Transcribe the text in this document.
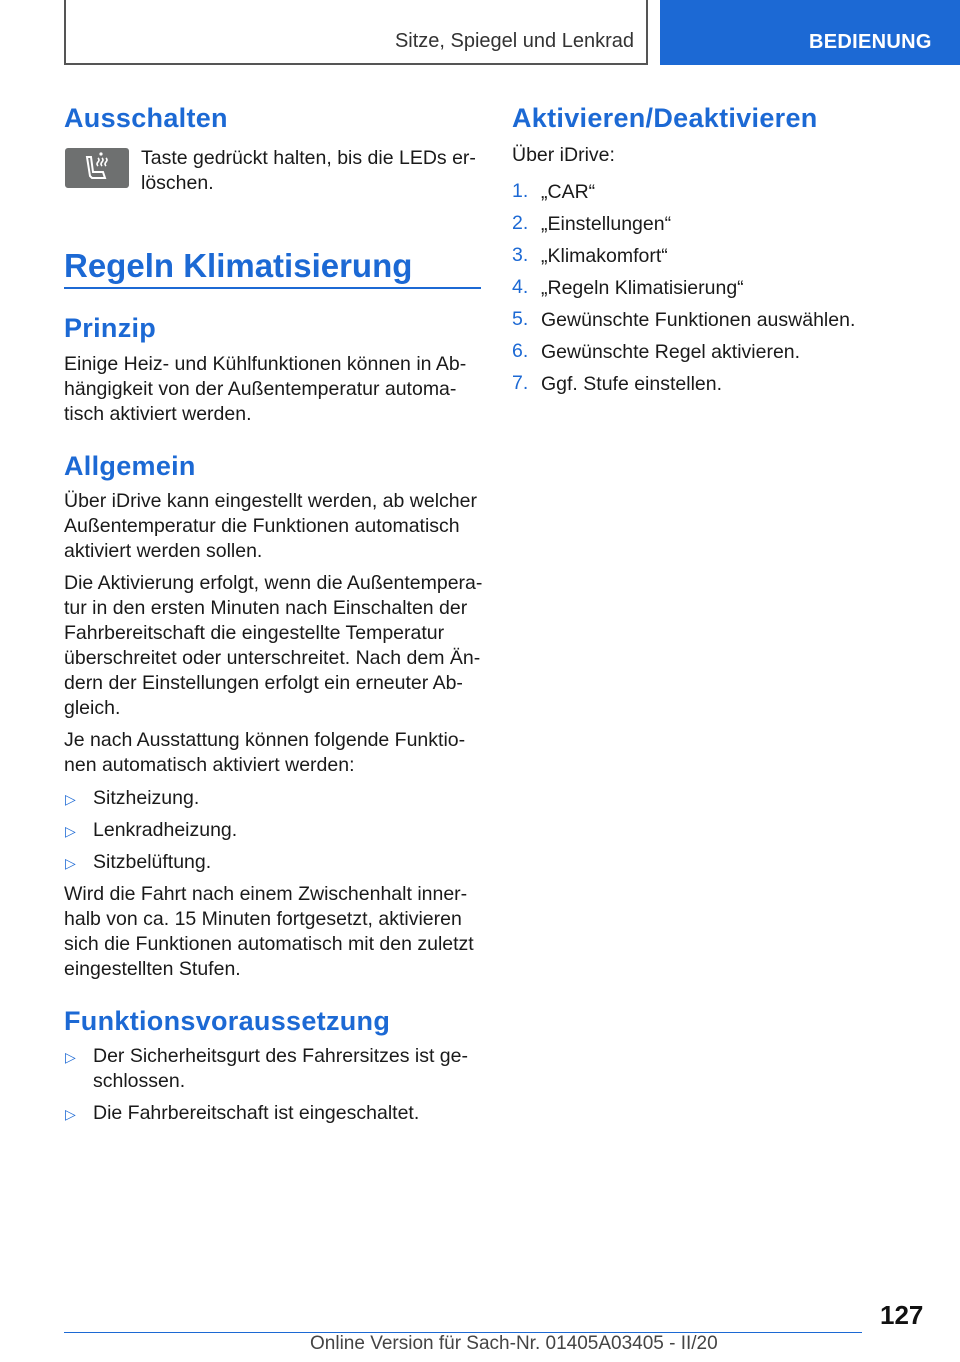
Sitze, Spiegel und Lenkrad	BEDIENUNG
Ausschalten

Taste gedrückt halten, bis die LEDs er-

löschen.

Regeln Klimatisierung
Prinzip

Einige Heiz- und Kühlfunktionen können in Ab-

hängigkeit von der Außentemperatur automa-

tisch aktiviert werden.

Allgemein

Über iDrive kann eingestellt werden, ab welcher

Außentemperatur die Funktionen automatisch

aktiviert werden sollen.

Die Aktivierung erfolgt, wenn die Außentempera-

tur in den ersten Minuten nach Einschalten der

Fahrbereitschaft die eingestellte Temperatur

überschreitet oder unterschreitet. Nach dem Än-

dern der Einstellungen erfolgt ein erneuter Ab-

gleich.

Je nach Ausstattung können folgende Funktio-

nen automatisch aktiviert werden:

▷ Sitzheizung.

▷ Lenkradheizung.

▷ Sitzbelüftung.

Wird die Fahrt nach einem Zwischenhalt inner-

halb von ca. 15 Minuten fortgesetzt, aktivieren

sich die Funktionen automatisch mit den zuletzt

eingestellten Stufen.

Funktionsvoraussetzung
▷ Der Sicherheitsgurt des Fahrersitzes ist ge-

schlossen.

▷ Die Fahrbereitschaft ist eingeschaltet.

Aktivieren/Deaktivieren

Über iDrive:

1. „CAR“

2. „Einstellungen“

3. „Klimakomfort“

4. „Regeln Klimatisierung“

5. Gewünschte Funktionen auswählen.

6. Gewünschte Regel aktivieren.

7. Ggf. Stufe einstellen.

127
Online Version für Sach-Nr. 01405A03405 - II/20
